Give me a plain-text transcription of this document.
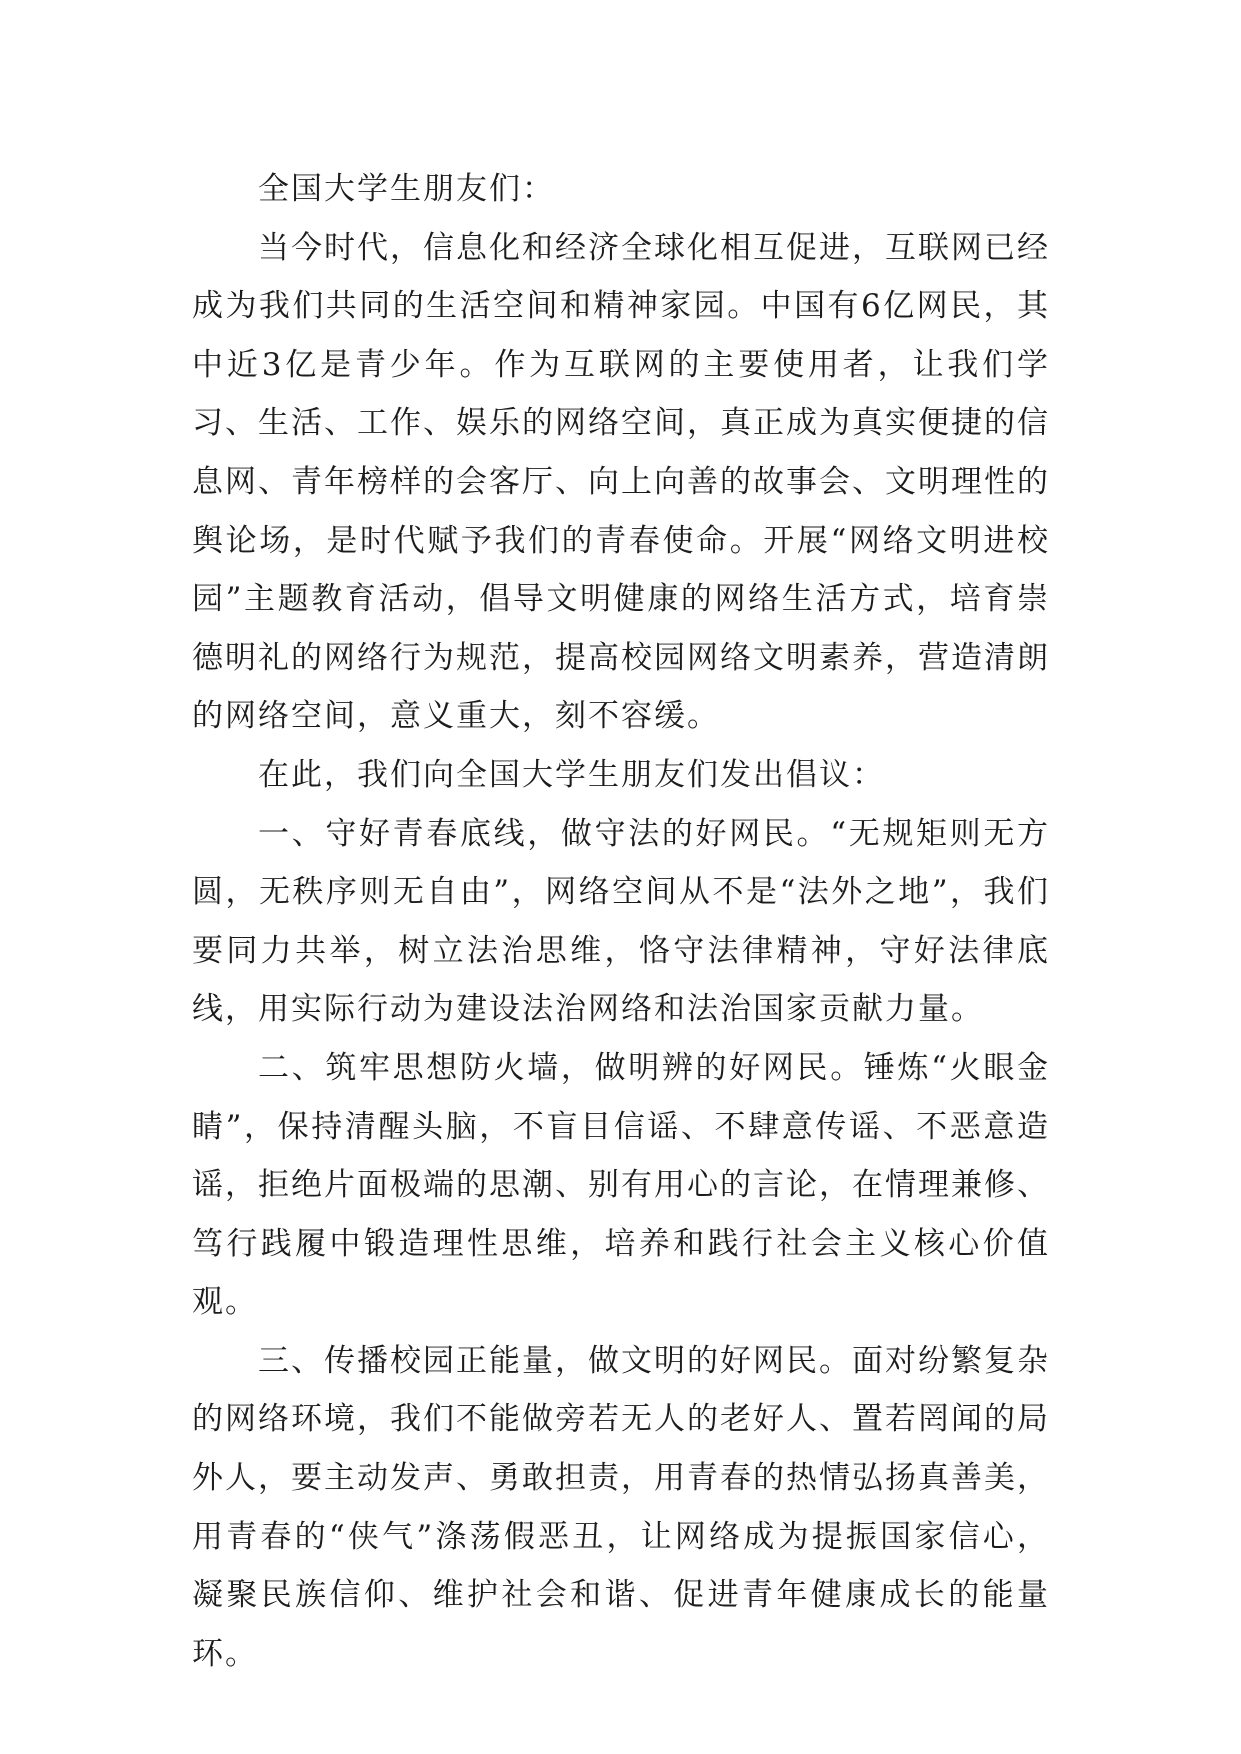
全国大学生朋友们：

当今时代，信息化和经济全球化相互促进，互联网已经成为我们共同的生活空间和精神家园。中国有6亿网民，其中近3亿是青少年。作为互联网的主要使用者，让我们学习、生活、工作、娱乐的网络空间，真正成为真实便捷的信息网、青年榜样的会客厅、向上向善的故事会、文明理性的舆论场，是时代赋予我们的青春使命。开展“网络文明进校园”主题教育活动，倡导文明健康的网络生活方式，培育崇德明礼的网络行为规范，提高校园网络文明素养，营造清朗的网络空间，意义重大，刻不容缓。

在此，我们向全国大学生朋友们发出倡议：

一、守好青春底线，做守法的好网民。“无规矩则无方圆，无秩序则无自由”，网络空间从不是“法外之地”，我们要同力共举，树立法治思维，恪守法律精神，守好法律底线，用实际行动为建设法治网络和法治国家贡献力量。

二、筑牢思想防火墙，做明辨的好网民。锤炼“火眼金睛”，保持清醒头脑，不盲目信谣、不肆意传谣、不恶意造谣，拒绝片面极端的思潮、别有用心的言论，在情理兼修、笃行践履中锻造理性思维，培养和践行社会主义核心价值观。

三、传播校园正能量，做文明的好网民。面对纷繁复杂的网络环境，我们不能做旁若无人的老好人、置若罔闻的局外人，要主动发声、勇敢担责，用青春的热情弘扬真善美，用青春的“侠气”涤荡假恶丑，让网络成为提振国家信心，凝聚民族信仰、维护社会和谐、促进青年健康成长的能量环。
